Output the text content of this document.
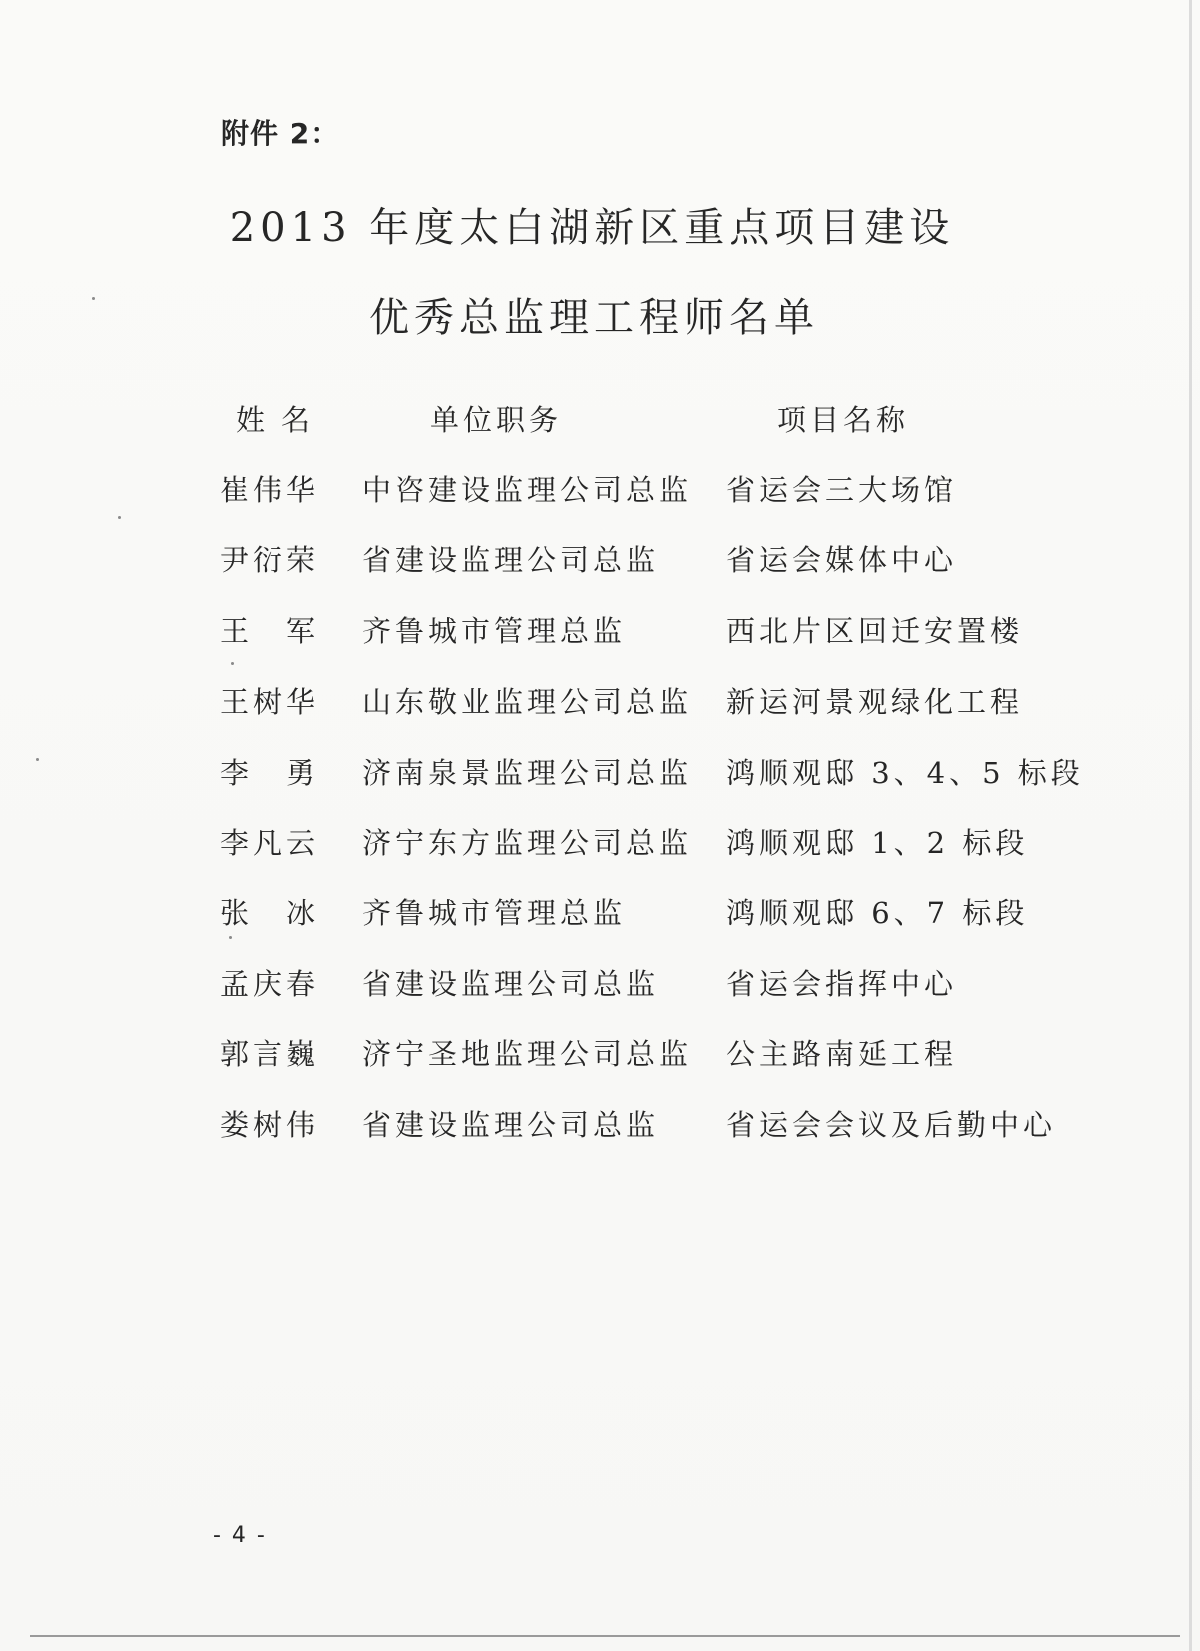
附件 2：
2013 年度太白湖新区重点项目建设
优秀总监理工程师名单
姓名	单位职务	项目名称
崔伟华 中咨建设监理公司总监 省运会三大场馆
尹衍荣 省建设监理公司总监 省运会媒体中心
王　军 齐鲁城市管理总监	西北片区回迁安置楼
王树华 山东敬业监理公司总监 新运河景观绿化工程
李　勇 济南泉景监理公司总监 鸿顺观邸 3、4、5 标段
李凡云 济宁东方监理公司总监 鸿顺观邸 1、2 标段
张　冰 齐鲁城市管理总监	鸿顺观邸 6、7 标段
孟庆春 省建设监理公司总监 省运会指挥中心
郭言巍 济宁圣地监理公司总监 公主路南延工程
娄树伟 省建设监理公司总监 省运会会议及后勤中心
- 4 -
